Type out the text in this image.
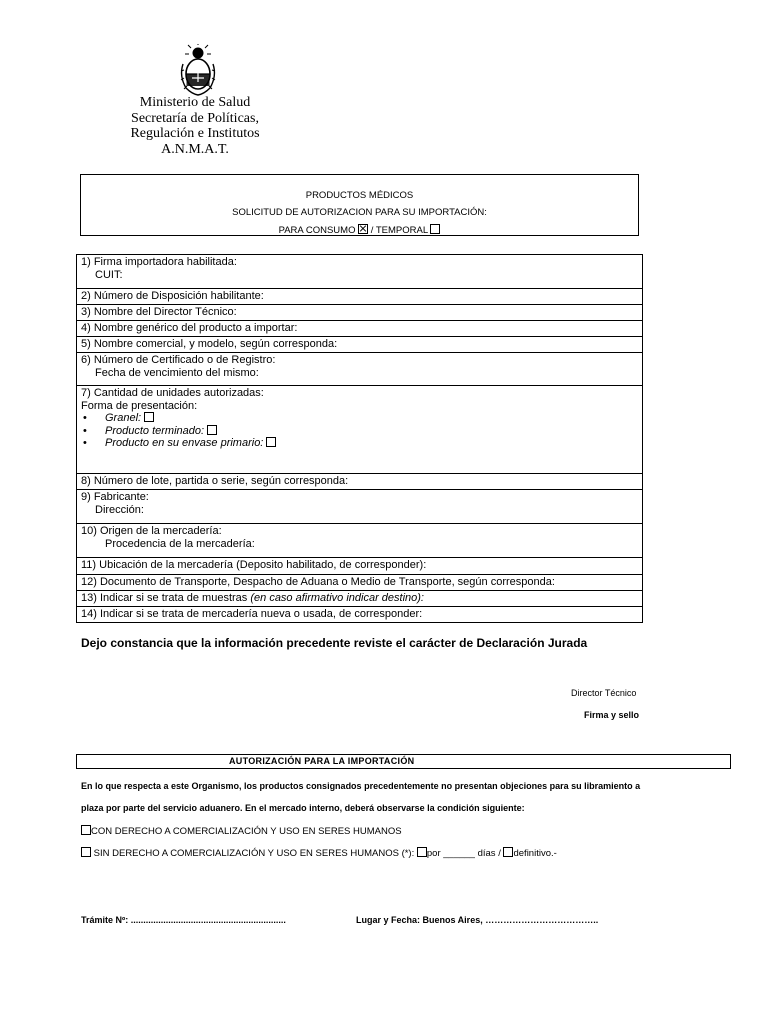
Ministerio de Salud
Secretaría de Políticas,
Regulación e Institutos
A.N.M.A.T.
PRODUCTOS MÉDICOS
SOLICITUD DE AUTORIZACION PARA SU IMPORTACIÓN:
PARA CONSUMO / TEMPORAL
1) Firma importadora habilitada:
CUIT:
2) Número de Disposición habilitante:
3) Nombre del Director Técnico:
4) Nombre genérico del producto a importar:
5) Nombre comercial, y modelo, según corresponda:
6) Número de Certificado o de Registro:
Fecha de vencimiento del mismo:
7) Cantidad de unidades autorizadas:
Forma de presentación:
• Granel:
• Producto terminado:
• Producto en su envase primario:
8) Número de lote, partida o serie, según corresponda:
9) Fabricante:
Dirección:
10) Origen de la mercadería:
Procedencia de la mercadería:
11) Ubicación de la mercadería (Deposito habilitado, de corresponder):
12) Documento de Transporte, Despacho de Aduana o Medio de Transporte, según corresponda:
13) Indicar si se trata de muestras (en caso afirmativo indicar destino):
14) Indicar si se trata de mercadería nueva o usada, de corresponder:
Dejo constancia que la información precedente reviste el carácter de Declaración Jurada
Director Técnico
Firma y sello
AUTORIZACIÓN PARA LA IMPORTACIÓN
En lo que respecta a este Organismo, los productos consignados precedentemente no presentan objeciones para su libramiento a
plaza por parte del servicio aduanero. En el mercado interno, deberá observarse la condición siguiente:
CON DERECHO A COMERCIALIZACIÓN Y USO EN SERES HUMANOS
SIN DERECHO A COMERCIALIZACIÓN Y USO EN SERES HUMANOS (*): por ______ días / definitivo.-
Trámite Nº: ..............................................................	Lugar y Fecha: Buenos Aires, ………………………………..
